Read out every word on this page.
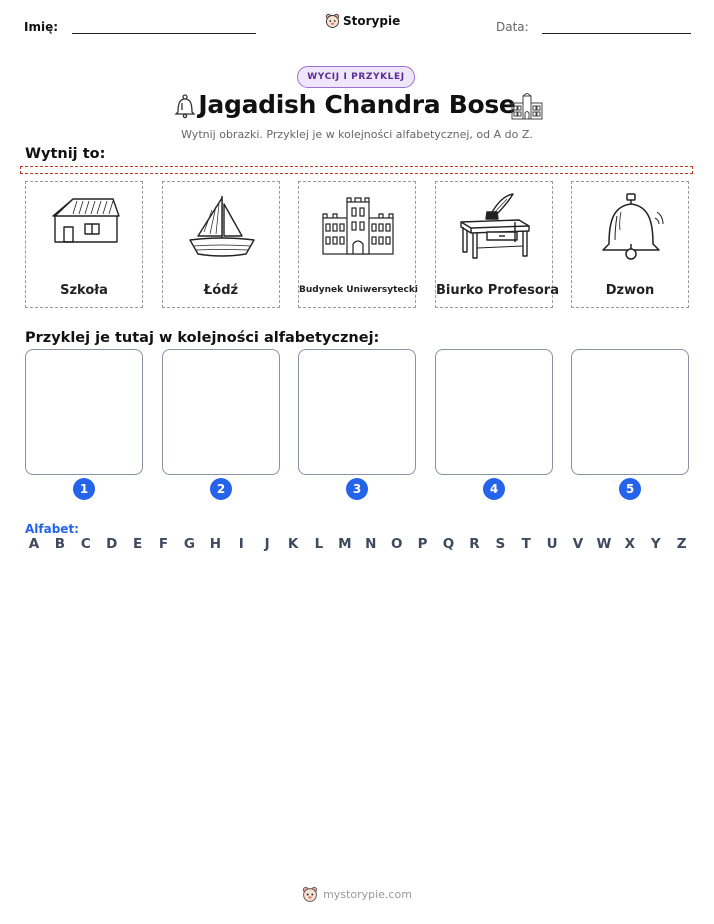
Imię:	Storypie	Data:
WYCIJ I PRZYKLEJ
Jagadish Chandra Bose
Wytnij obrazki. Przyklej je w kolejności alfabetycznej, od A do Z.
Wytnij to:
Szkoła	Łódź	Budynek Uniwersytecki Biurko Profesora	Dzwon
Przyklej je tutaj w kolejności alfabetycznej:
1	2	3	4	5
Alfabet:
A B C D E F G H	I	J	K L M N O P Q R S T U V W X Y Z
mystorypie.com
